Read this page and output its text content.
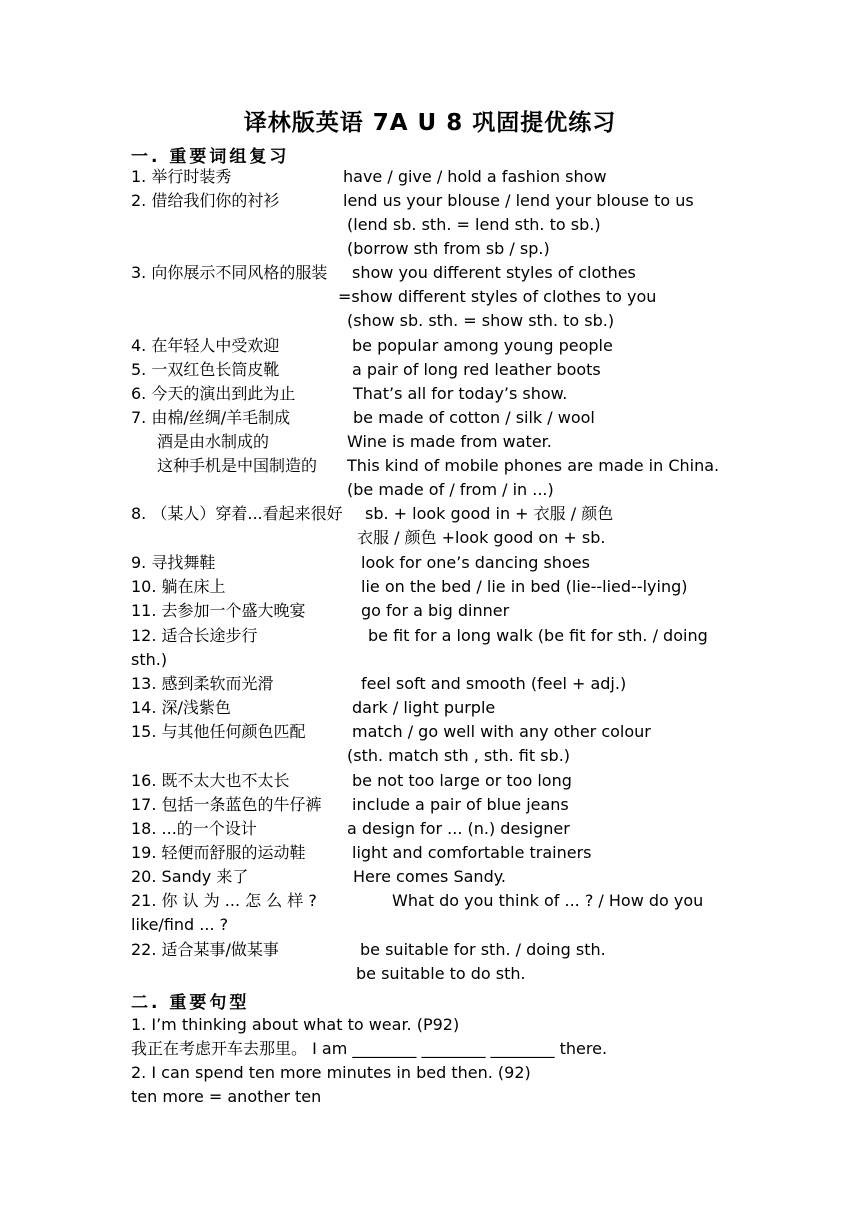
译林版英语 7A U 8 巩固提优练习
一. 重要词组复习
1. 举行时装秀	have / give / hold a fashion show
2. 借给我们你的衬衫	lend us your blouse / lend your blouse to us
(lend sb. sth. = lend sth. to sb.)
(borrow sth from sb / sp.)
3. 向你展示不同风格的服装 show you different styles of clothes
=show different styles of clothes to you
(show sb. sth. = show sth. to sb.)
4. 在年轻人中受欢迎	be popular among young people
5. 一双红色长筒皮靴	a pair of long red leather boots
6. 今天的演出到此为止	That’s all for today’s show.
7. 由棉/丝绸/羊毛制成	be made of cotton / silk / wool
酒是由水制成的	Wine is made from water.
这种手机是中国制造的 This kind of mobile phones are made in China.
(be made of / from / in ...)
8. （某人）穿着...看起来很好 sb. + look good in + 衣服 / 颜色
衣服 / 颜色 +look good on + sb.
9. 寻找舞鞋	look for one’s dancing shoes
10. 躺在床上	lie on the bed / lie in bed (lie--lied--lying)
11. 去参加一个盛大晚宴	go for a big dinner
12. 适合长途步行	be fit for a long walk (be fit for sth. / doing
sth.)
13. 感到柔软而光滑	feel soft and smooth (feel + adj.)
14. 深/浅紫色	dark / light purple
15. 与其他任何颜色匹配	match / go well with any other colour
(sth. match sth , sth. fit sb.)
16. 既不太大也不太长	be not too large or too long
17. 包括一条蓝色的牛仔裤 include a pair of blue jeans
18. ...的一个设计	a design for ... (n.) designer
19. 轻便而舒服的运动鞋	light and comfortable trainers
20. Sandy 来了	Here comes Sandy.
21. 你 认 为 ... 怎 么 样 ?	What do you think of ... ? / How do you
like/find ... ?
22. 适合某事/做某事	be suitable for sth. / doing sth.
be suitable to do sth.
二. 重要句型
1. I’m thinking about what to wear. (P92)
我正在考虑开车去那里。 I am ________ ________ ________ there.
2. I can spend ten more minutes in bed then. (92)
ten more = another ten
